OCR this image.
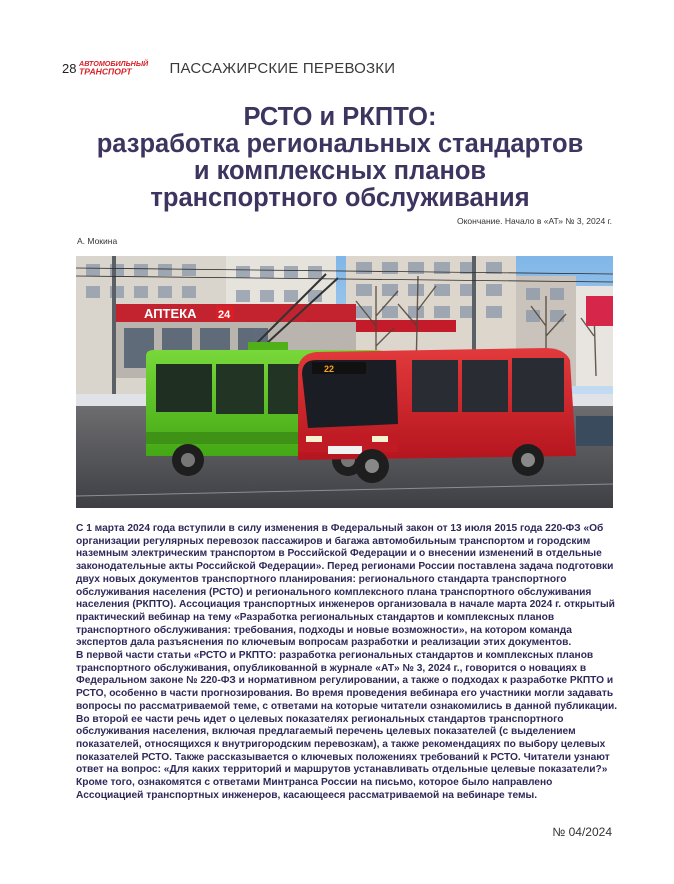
28 АВТОМОБИЛЬНЫЙ
ТРАНСПОРТ ПАССАЖИРСКИЕ ПЕРЕВОЗКИ
РСТО и РКПТО:
разработка региональных стандартов
и комплексных планов
транспортного обслуживания
Окончание. Начало в «АТ» № 3, 2024 г.
А. Мокина
АПТЕКА 24
22

С 1 марта 2024 года вступили в силу изменения в Федеральный закон от 13 июля 2015 года 220-ФЗ «Об организации регулярных перевозок пассажиров и багажа автомобильным транспортом и городским наземным электрическим транспортом в Российской Федерации и о внесении изменений в отдельные законодательные акты Российской Федерации». Перед регионами России поставлена задача подготовки двух новых документов транспортного планирования: регионального стандарта транспортного обслуживания населения (РСТО) и регионального комплексного плана транспортного обслуживания населения (РКПТО). Ассоциация транспортных инженеров организовала в начале марта 2024 г. открытый практический вебинар на тему «Разработка региональных стандартов и комплексных планов транспортного обслуживания: требования, подходы и новые возможности», на котором команда экспертов дала разъяснения по ключевым вопросам разработки и реализации этих документов.

В первой части статьи «РСТО и РКПТО: разработка региональных стандартов и комплексных планов транспортного обслуживания, опубликованной в журнале «АТ» № 3, 2024 г., говорится о новациях в Федеральном законе № 220-ФЗ и нормативном регулировании, а также о подходах к разработке РКПТО и РСТО, особенно в части прогнозирования. Во время проведения вебинара его участники могли задавать вопросы по рассматриваемой теме, с ответами на которые читатели ознакомились в данной публикации.

Во второй ее части речь идет о целевых показателях региональных стандартов транспортного обслуживания населения, включая предлагаемый перечень целевых показателей (с выделением показателей, относящихся к внутригородским перевозкам), а также рекомендациях по выбору целевых показателей РСТО. Также рассказывается о ключевых положениях требований к РСТО. Читатели узнают ответ на вопрос: «Для каких территорий и маршрутов устанавливать отдельные целевые показатели?»

Кроме того, ознакомятся с ответами Минтранса России на письмо, которое было направлено Ассоциацией транспортных инженеров, касающееся рассматриваемой на вебинаре темы.

№ 04/2024
